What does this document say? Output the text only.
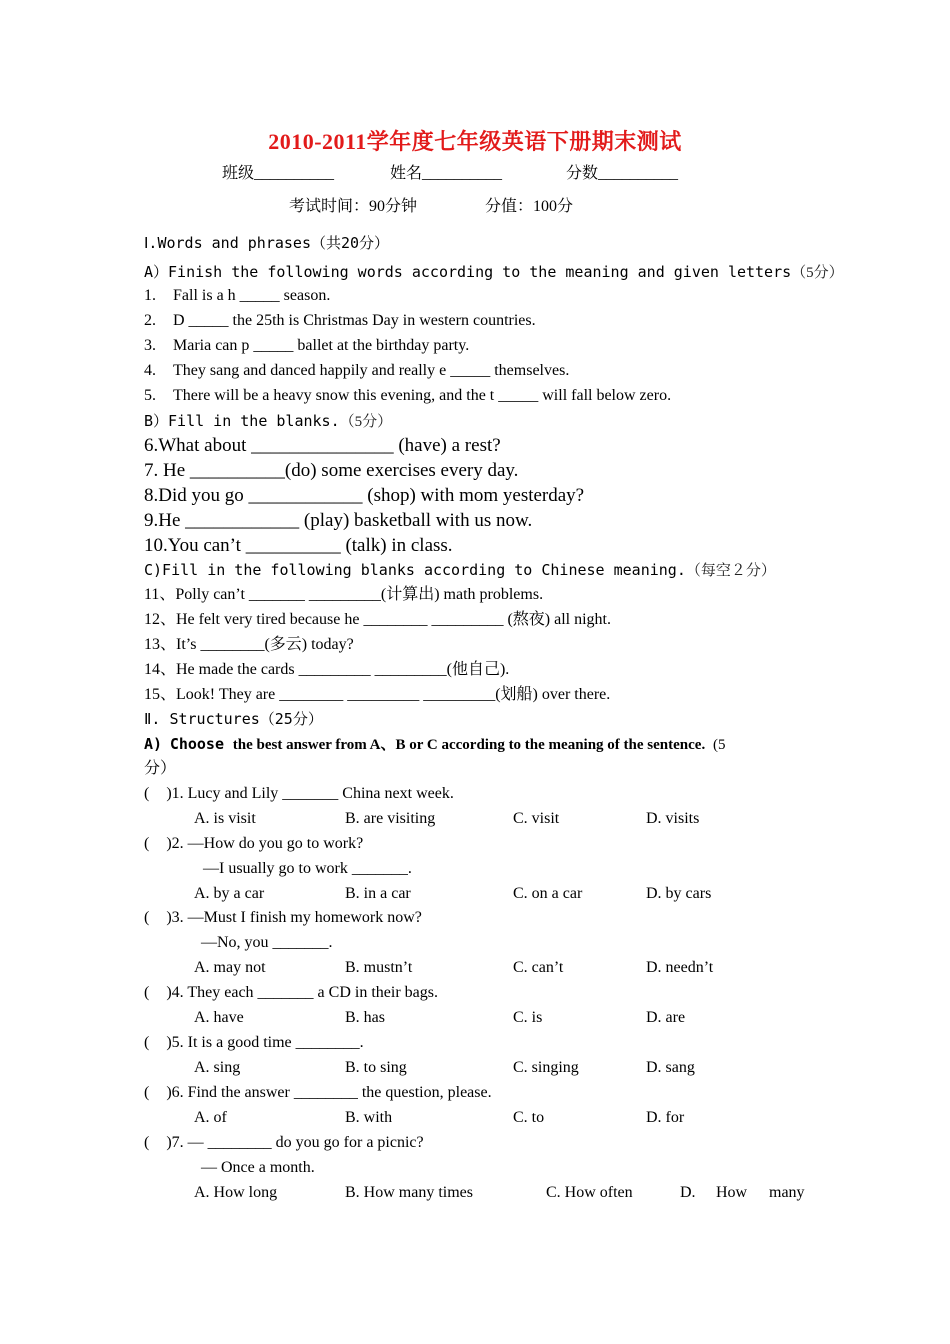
2010-2011学年度七年级英语下册期末测试
班级__________	姓名__________	分数__________
考试时间：90分钟	分值：100分
Ⅰ.Words and phrases（共20分）
A）Finish the following words according to the meaning and given letters（5分）
1. Fall is a h _____ season.
2. D _____ the 25th is Christmas Day in western countries.
3. Maria can p _____ ballet at the birthday party.
4. They sang and danced happily and really e _____ themselves.
5. There will be a heavy snow this evening, and the t _____ will fall below zero.
B）Fill in the blanks.（5分）
6.What about _______________ (have) a rest?
7. He __________(do) some exercises every day.
8.Did you go ____________ (shop) with mom yesterday?
9.He ____________ (play) basketball with us now.
10.You can’t __________ (talk) in class.
C)Fill in the following blanks according to Chinese meaning.（每空２分）
11、Polly can’t _______ _________(计算出) math problems.
12、He felt very tired because he ________ _________ (熬夜) all night.
13、It’s ________(多云) today?
14、He made the cards _________ _________(他自己).
15、Look! They are ________ _________ _________(划船) over there.
Ⅱ. Structures（25分）
A) Choose the best answer from A、B or C according to the meaning of the sentence. (5
分）
( )1. Lucy and Lily _______ China next week.
A. is visit	B. are visiting	C. visit	D. visits
( )2. —How do you go to work?
—I usually go to work _______.
A. by a car	B. in a car	C. on a car	D. by cars
( )3. —Must I finish my homework now?
—No, you _______.
A. may not	B. mustn’t	C. can’t	D. needn’t
( )4. They each _______ a CD in their bags.
A. have	B. has	C. is	D. are
( )5. It is a good time ________.
A. sing	B. to sing	C. singing	D. sang
( )6. Find the answer ________ the question, please.
A. of	B. with	C. to	D. for
( )7. — ________ do you go for a picnic?
— Once a month.
A. How long	B. How many times	C. How often	D. How many
